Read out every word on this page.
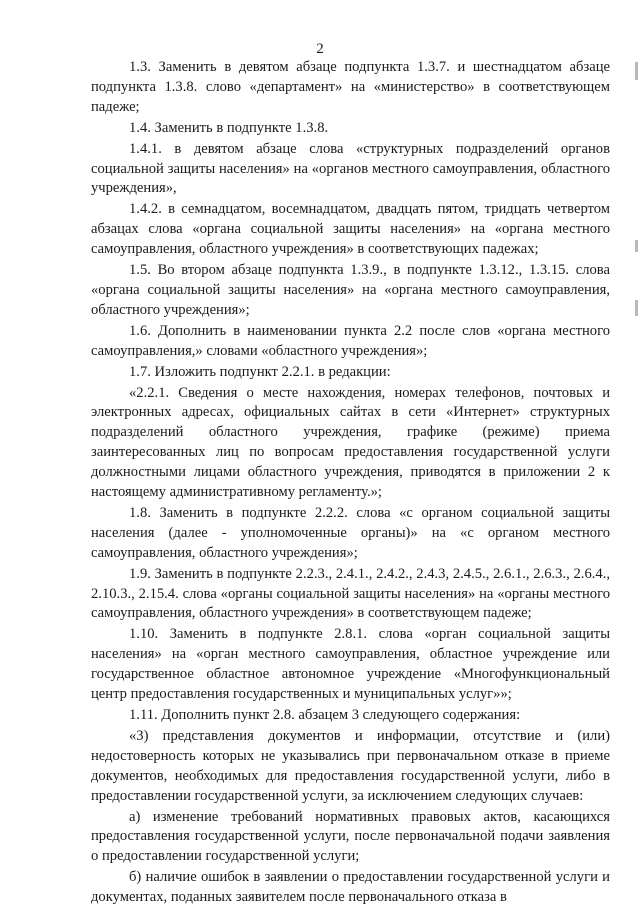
2

1.3. Заменить в девятом абзаце подпункта 1.3.7. и шестнадцатом абзаце подпункта 1.3.8. слово «департамент» на «министерство» в соответствующем падеже;

1.4. Заменить в подпункте 1.3.8.

1.4.1. в девятом абзаце слова «структурных подразделений органов социальной защиты населения» на «органов местного самоуправления, областного учреждения»,

1.4.2. в семнадцатом, восемнадцатом, двадцать пятом, тридцать четвертом абзацах слова «органа социальной защиты населения» на «органа местного самоуправления, областного учреждения» в соответствующих падежах;

1.5. Во втором абзаце подпункта 1.3.9., в подпункте 1.3.12., 1.3.15. слова «органа социальной защиты населения» на «органа местного самоуправления, областного учреждения»;

1.6. Дополнить в наименовании пункта 2.2 после слов «органа местного самоуправления,» словами «областного учреждения»;

1.7. Изложить подпункт 2.2.1. в редакции:

«2.2.1. Сведения о месте нахождения, номерах телефонов, почтовых и электронных адресах, официальных сайтах в сети «Интернет» структурных подразделений областного учреждения, графике (режиме) приема заинтересованных лиц по вопросам предоставления государственной услуги должностными лицами областного учреждения, приводятся в приложении 2 к настоящему административному регламенту.»;

1.8. Заменить в подпункте 2.2.2. слова «с органом социальной защиты населения (далее - уполномоченные органы)» на «с органом местного самоуправления, областного учреждения»;

1.9. Заменить в подпункте 2.2.3., 2.4.1., 2.4.2., 2.4.3, 2.4.5., 2.6.1., 2.6.3., 2.6.4., 2.10.3., 2.15.4. слова «органы социальной защиты населения» на «органы местного самоуправления, областного учреждения» в соответствующем падеже;

1.10. Заменить в подпункте 2.8.1. слова «орган социальной защиты населения» на «орган местного самоуправления, областное учреждение или государственное областное автономное учреждение «Многофункциональный центр предоставления государственных и муниципальных услуг»»;

1.11. Дополнить пункт 2.8. абзацем 3 следующего содержания:

«3) представления документов и информации, отсутствие и (или) недостоверность которых не указывались при первоначальном отказе в приеме документов, необходимых для предоставления государственной услуги, либо в предоставлении государственной услуги, за исключением следующих случаев:

а) изменение требований нормативных правовых актов, касающихся предоставления государственной услуги, после первоначальной подачи заявления о предоставлении государственной услуги;

б) наличие ошибок в заявлении о предоставлении государственной услуги и документах, поданных заявителем после первоначального отказа в
